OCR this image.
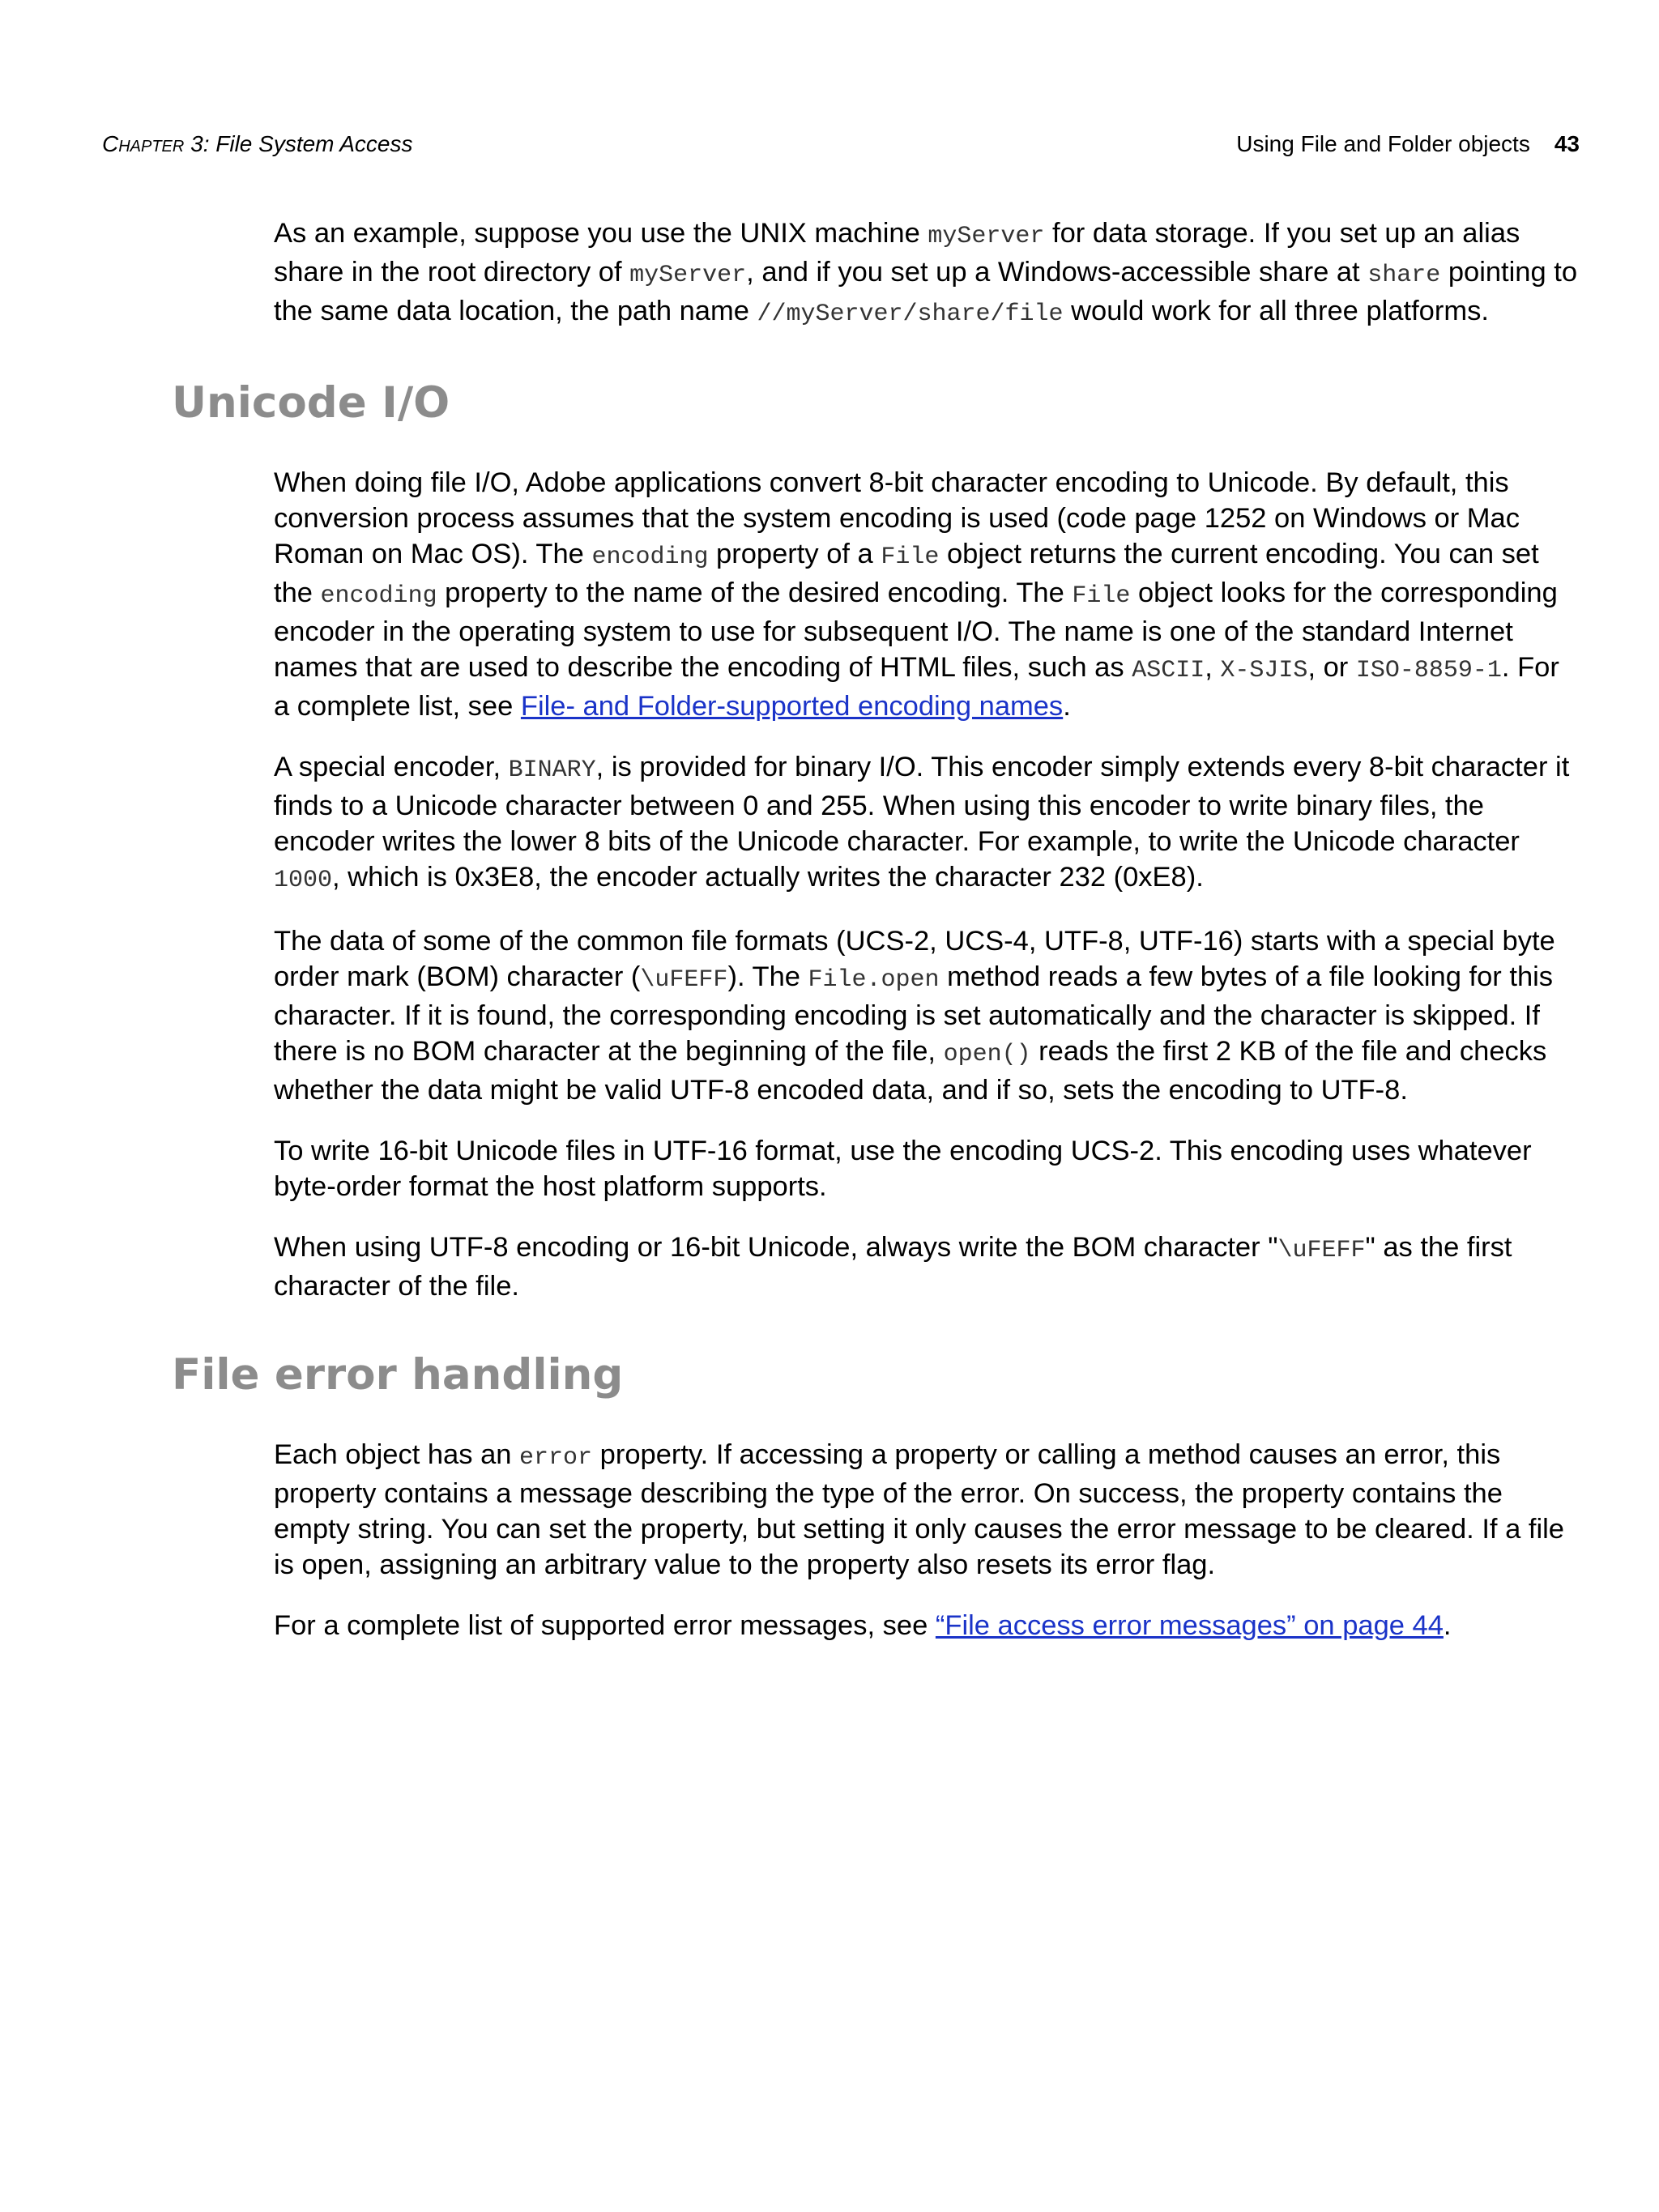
Chapter 3: File System Access	Using File and Folder objects 43

As an example, suppose you use the UNIX machine myServer for data storage. If you set up an alias share in the root directory of myServer, and if you set up a Windows-accessible share at share pointing to the same data location, the path name //myServer/share/file would work for all three platforms.

Unicode I/O

When doing file I/O, Adobe applications convert 8-bit character encoding to Unicode. By default, this conversion process assumes that the system encoding is used (code page 1252 on Windows or Mac Roman on Mac OS). The encoding property of a File object returns the current encoding. You can set the encoding property to the name of the desired encoding. The File object looks for the corresponding encoder in the operating system to use for subsequent I/O. The name is one of the standard Internet names that are used to describe the encoding of HTML files, such as ASCII, X-SJIS, or ISO-8859-1. For a complete list, see File- and Folder-supported encoding names.

A special encoder, BINARY, is provided for binary I/O. This encoder simply extends every 8-bit character it finds to a Unicode character between 0 and 255. When using this encoder to write binary files, the encoder writes the lower 8 bits of the Unicode character. For example, to write the Unicode character 1000, which is 0x3E8, the encoder actually writes the character 232 (0xE8).

The data of some of the common file formats (UCS-2, UCS-4, UTF-8, UTF-16) starts with a special byte order mark (BOM) character (\uFEFF). The File.open method reads a few bytes of a file looking for this character. If it is found, the corresponding encoding is set automatically and the character is skipped. If there is no BOM character at the beginning of the file, open() reads the first 2 KB of the file and checks whether the data might be valid UTF-8 encoded data, and if so, sets the encoding to UTF-8.

To write 16-bit Unicode files in UTF-16 format, use the encoding UCS-2. This encoding uses whatever byte-order format the host platform supports.

When using UTF-8 encoding or 16-bit Unicode, always write the BOM character "\uFEFF" as the first character of the file.

File error handling

Each object has an error property. If accessing a property or calling a method causes an error, this property contains a message describing the type of the error. On success, the property contains the empty string. You can set the property, but setting it only causes the error message to be cleared. If a file is open, assigning an arbitrary value to the property also resets its error flag.

For a complete list of supported error messages, see “File access error messages” on page 44.
